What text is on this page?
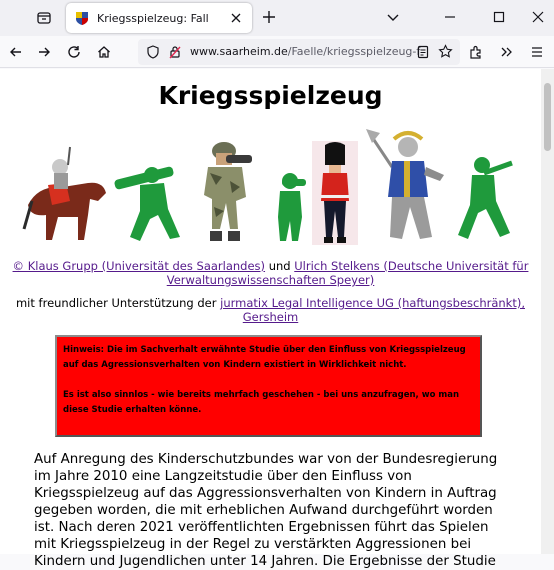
Kriegsspielzeug: Fall
www.saarheim.de/Faelle/kriegsspielzeug-f
Kriegsspielzeug
© Klaus Grupp (Universität des Saarlandes) und Ulrich Stelkens (Deutsche Universität für Verwaltungswissenschaften Speyer)
mit freundlicher Unterstützung der jurmatix Legal Intelligence UG (haftungsbeschränkt), Gersheim

Hinweis: Die im Sachverhalt erwähnte Studie über den Einfluss von Kriegsspielzeug auf das Agressionsverhalten von Kindern existiert in Wirklichkeit nicht.

Es ist also sinnlos - wie bereits mehrfach geschehen - bei uns anzufragen, wo man diese Studie erhalten könne.

Auf Anregung des Kinderschutzbundes war von der Bundesregierung im Jahre 2010 eine Langzeitstudie über den Einfluss von Kriegsspielzeug auf das Aggressionsverhalten von Kindern in Auftrag gegeben worden, die mit erheblichen Aufwand durchgeführt worden ist. Nach deren 2021 veröffentlichten Ergebnissen führt das Spielen mit Kriegsspielzeug in der Regel zu verstärkten Aggressionen bei Kindern und Jugendlichen unter 14 Jahren. Die Ergebnisse der Studie
